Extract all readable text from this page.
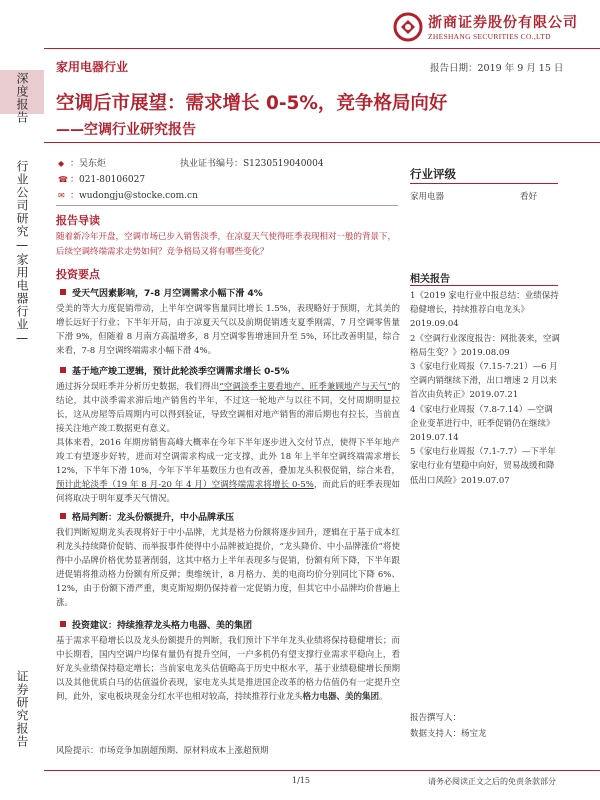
浙商证券股份有限公司
ZHESHANG SECURITIES CO.,LTD
家用电器行业	报告日期：2019 年 9 月 15 日
深度报告
行业公司研究—家用电器行业—
证券研究报告
空调后市展望：需求增长 0-5%，竞争格局向好
——空调行业研究报告
◆ ：吴东炬
☎ ：021-80106027
✉ ：wudongju@stocke.com.cn
执业证书编号：S1230519040004
报告导读
随着新冷年开盘，空调市场已步入销售淡季，在凉夏天气使得旺季表现相对一般的背景下，后续空调终端需求走势如何？竞争格局又将有哪些变化？
投资要点
受天气因素影响，7-8 月空调需求小幅下滑 4%
受美的等大力度促销带动，上半年空调零售量同比增长 1.5%，表现略好于预期，尤其美的增长远好于行业；下半年开局，由于凉夏天气以及前期促销透支夏季刚需，7 月空调零售量下滑 9%，但随着 8 月南方高温增多，8 月空调零售增速回升至 5%，环比改善明显，综合来看，7-8 月空调终端需求小幅下滑 4%。
基于地产竣工逻辑，预计此轮淡季空调需求增长 0-5%
通过拆分误旺季并分析历史数据，我们得出“空调淡季主要看地产、旺季兼顾地产与天气”的结论，其中淡季需求滞后地产销售约半年，不过这一轮地产与以往不同，交付周期明显拉长，这从房屋等后周期内可以得到验证，导致空调相对地产销售的滞后期也有拉长，当前直接关注地产竣工数据更有意义。
具体来看，2016 年期房销售高峰大概率在今年下半年逐步进入交付节点，使得下半年地产竣工有望逐步好转，进而对空调需求构成一定支撑，此外 18 年上半年空调终端需求增长 12%，下半年下滑 10%，今年下半年基数压力也有改善，叠加龙头积极促销，综合来看，预计此轮淡季（19 年 8 月-20 年 4 月）空调终端需求将增长 0-5%，而此后的旺季表现如何将取决于明年夏季天气情况。
格局判断：龙头份额提升，中小品牌承压
我们判断短期龙头表现将好于中小品牌，尤其是格力份额将逐步回升，逻辑在于基于成本红利龙头持续降价促销、而举报事件使得中小品牌被迫提价，“龙头降价、中小品牌涨价”将使得中小品牌价格优势显著削弱，这其中格力上半年表现多与促销，份额有所下降，下半年跟进促销将推动格力份额有所反弹；奥维统计，8 月格力、美的电商均价分别同比下降 6%、12%，由于份额下滑严重，奥克斯短期仍保持着一定促销力度，但其它中小品牌均价普遍上涨。
投资建议：持续推荐龙头格力电器、美的集团
基于需求平稳增长以及龙头份额提升的判断，我们预计下半年龙头业绩将保持稳健增长；而中长期看，国内空调户均保有量仍有提升空间，一户多机仍有望支撑行业需求平稳向上，看好龙头业绩保持稳定增长；当前家电龙头估值略高于历史中枢水平，基于业绩稳健增长预期以及其他优质白马的估值溢价表现，家电龙头其是推进国企改革的格力估值仍有一定提升空间，此外，家电板块现金分红水平也相对较高，持续推荐行业龙头格力电器、美的集团。
风险提示：市场竞争加剧超预期、原材料成本上涨超预期
行业评级
家用电器	看好
相关报告
1《2019 家电行业中报总结：业绩保持稳健增长，持续推荐白电龙头》2019.09.04
2《空调行业深度报告：网批袭来，空调格局生变？》2019.08.09
3《家电行业周报（7.15-7.21）—6 月空调内销继续下滑，出口增速 2 月以来首次由负转正》2019.07.21
4《家电行业周报（7.8-7.14）—空调企业变革进行中，旺季促销仍在继续》2019.07.14
5《家电行业周报（7.1-7.7）—下半年家电行业有望稳中向好，贸易战缓和降低出口风险》2019.07.07
报告撰写人：
数据支持人：杨宝龙
1/15	请务必阅读正文之后的免责条款部分
